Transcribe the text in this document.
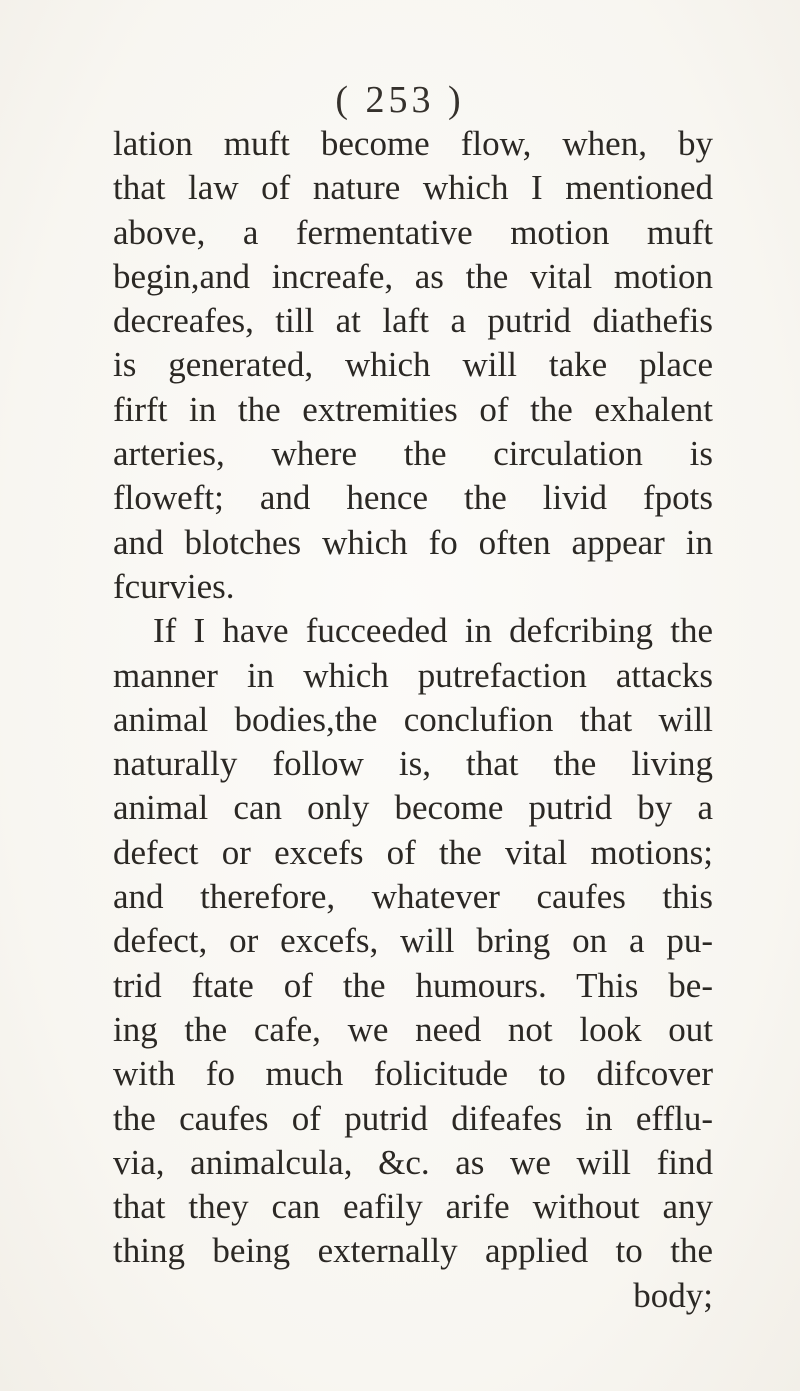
( 253 )
lation muft become flow, when, by
that law of nature which I mentioned
above, a fermentative motion muft
begin,and increafe, as the vital motion
decreafes, till at laft a putrid diathefis
is generated, which will take place
firft in the extremities of the exhalent
arteries, where the circulation is
floweft; and hence the livid fpots
and blotches which fo often appear in
fcurvies.
If I have fucceeded in defcribing the
manner in which putrefaction attacks
animal bodies,the conclufion that will
naturally follow is, that the living
animal can only become putrid by a
defect or excefs of the vital motions;
and therefore, whatever caufes this
defect, or excefs, will bring on a pu-
trid ftate of the humours. This be-
ing the cafe, we need not look out
with fo much folicitude to difcover
the caufes of putrid difeafes in efflu-
via, animalcula, &c. as we will find
that they can eafily arife without any
thing being externally applied to the
body;
